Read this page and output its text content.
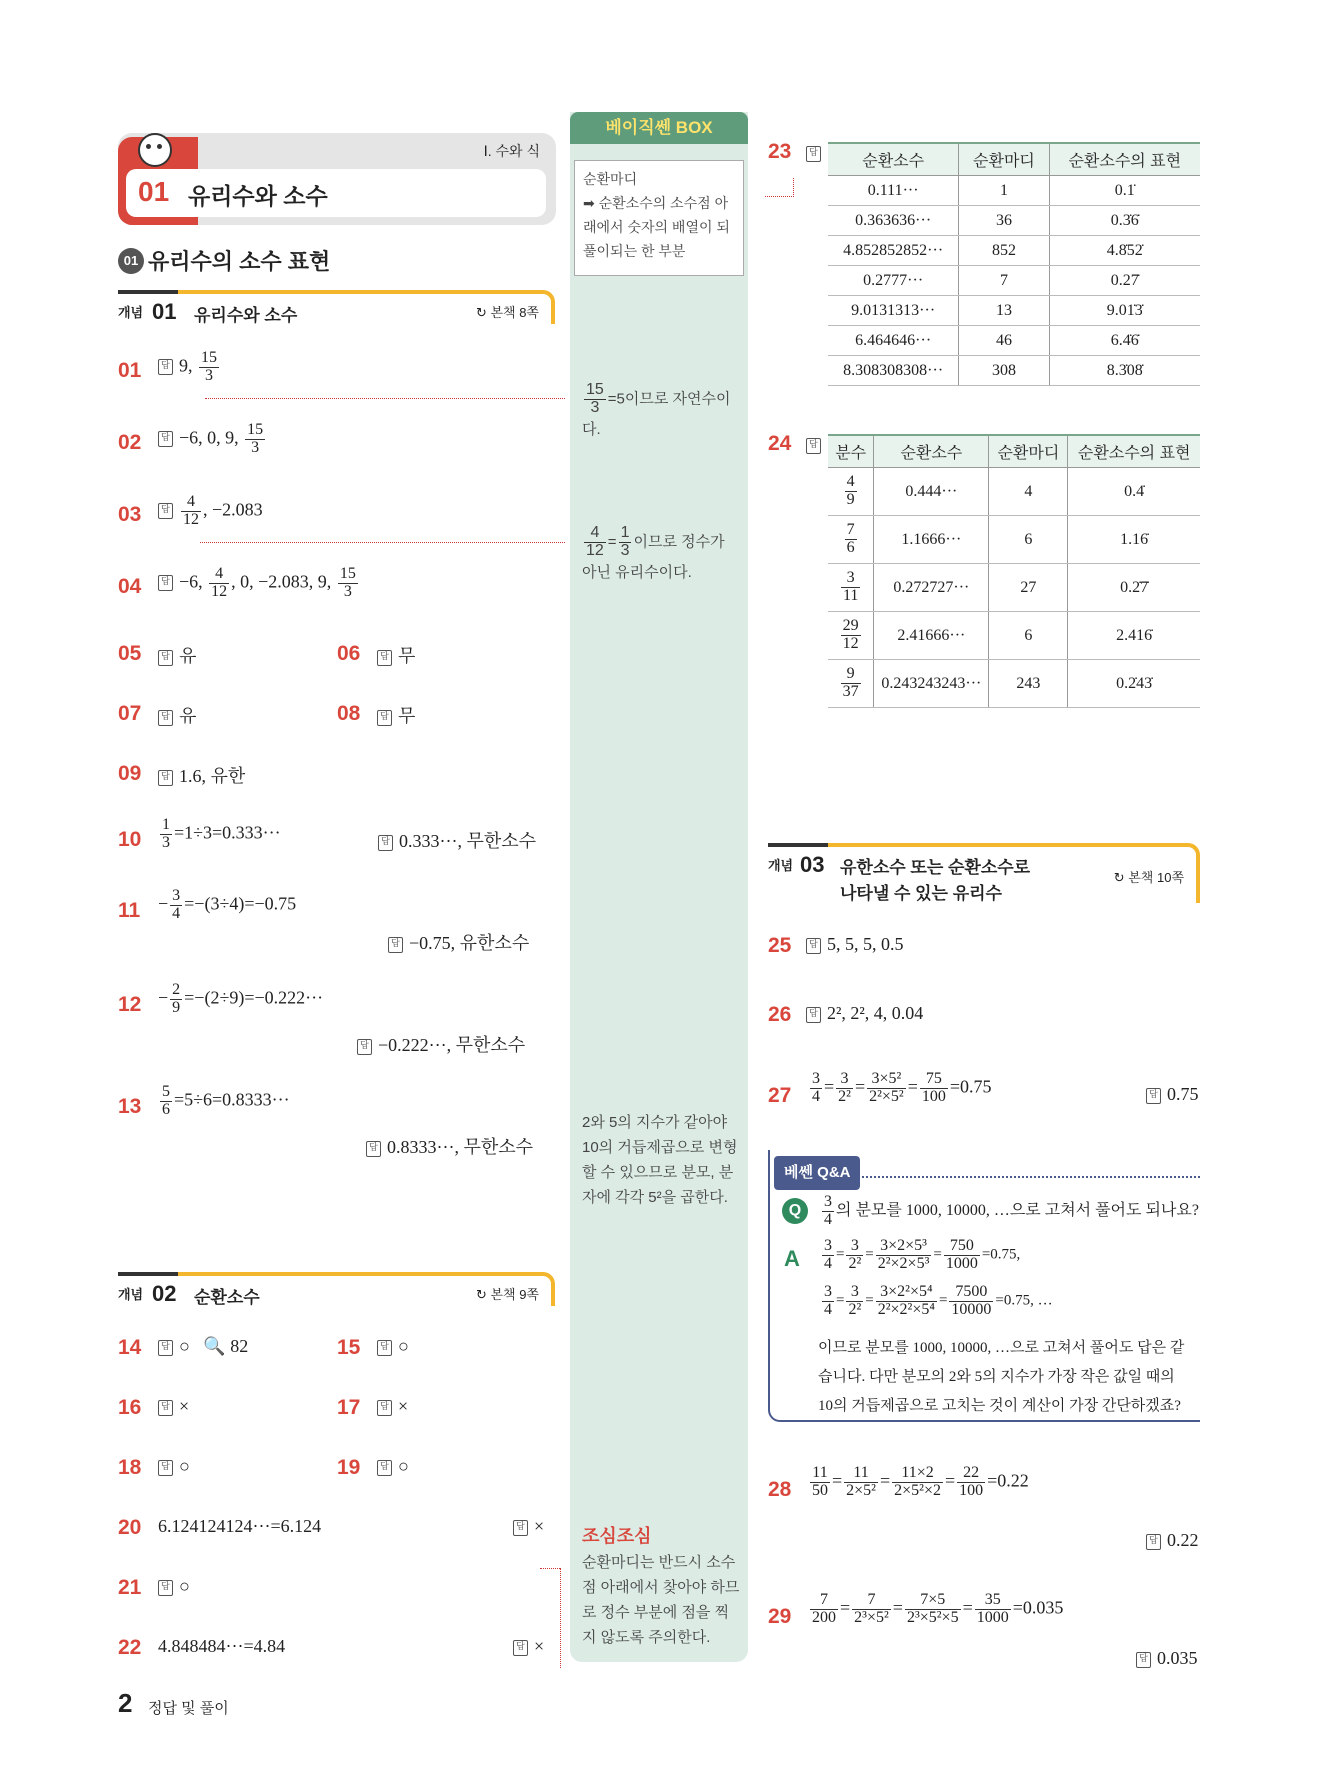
Ⅰ. 수와 식
01 유리수와 소수
01 유리수의 소수 표현
개념 01 유리수와 소수	↻ 본책 8쪽
01	답 9, $\frac{15}{3}$
02	답 −6, 0, 9, $\frac{15}{3}$
03	답 $\frac{4}{12}$ , −2.083
04	답 −6, $\frac{4}{12}$ , 0, −2.083, 9, $\frac{15}{3}$
05	답 유	06	답 무
07	답 유	08	답 무
09	답 1.6, 유한
$10 \frac{1}{3} =1\div 3=0.333\cdot\cdot\cdot$	답 0.333···, 무한소수
$11 - \frac{3}{4} =-(3\div 4)=-0.75$
답 −0.75, 유한소수
$12 - \frac{2}{9} =-(2\div 9)=-0.222\cdot\cdot\cdot$
답 −0.222···, 무한소수
$13 \frac{5}{6} =5\div 6=0.8333\cdot\cdot\cdot$
답 0.8333···, 무한소수
개념 02 순환소수	↻ 본책 9쪽
14	답 ○ 🔍 82	15	답 ○
16	답 ×	17	답 ×
18	답 ○	19	답 ○
20 6.124124124···=6.124	답 ×
21	답 ○
22 4.848484···=4.84	답 ×
2 정답 및 풀이
베이직쎈 BOX
순환마디
➡ 순환소수의 소수점 아래에서 숫자의 배열이 되풀이되는 한 부분
$\frac{15}{3} =5$이므로 자연수이다.
$\frac{4}{12} = \frac{1}{3}$ 이므로 정수가 아닌 유리수이다.
2와 5의 지수가 같아야 10의 거듭제곱으로 변형할 수 있으므로 분모, 분자에 각각 5²을 곱한다.
조심조심
순환마디는 반드시 소수점 아래에서 찾아야 하므로 정수 부분에 점을 찍지 않도록 주의한다.
23	답	순환소수	순환마디	순환소수의 표현
0.111···	1	0.1̇
0.363636···	36	0.3̇6̇
4.852852852···	852	4.8̇52̇
0.2777···	7	0.27̇
9.0131313···	13	9.01̇3̇
6.464646···	46	6.4̇6̇
8.308308308···	308	8.3̇08̇
24	답 분수	순환소수	순환마디	순환소수의 표현

$\frac{4}{9}$	0.444···	4	0.4̇

$\frac{7}{6}$	1.1666···	6	1.16̇

$\frac{3}{11}$	0.272727···	27	0.2̇7̇

$\frac{29}{12}$	2.41666···	6	2.416̇

$\frac{9}{37}$	0.243243243···	243	0.2̇43̇
개념 03 유한소수 또는 순환소수로
나타낼 수 있는 유리수
↻ 본책 10쪽
25	답 5, 5, 5, 0.5
26	답 2², 2², 4, 0.04
$27 \frac{3}{4} = \frac{3}{\text{2²}} = \frac{\text{3×5²}}{\text{2²×5²}} = \frac{75}{100} =0.75$	답 0.75
베쎈 Q&A
Q	$\frac{3}{4}$ 의 분모를 1000, 10000, …으로 고쳐서 풀어도 되나요?
A $\frac{3}{4} = \frac{3}{\text{2²}} = \frac{\text{3×2×5³}}{\text{2²×2×5³}} = \frac{750}{1000} =0.75$,
$\frac{3}{4} = \frac{3}{\text{2²}} = \frac{\text{3×2²×5⁴}}{\text{2²×2²×5⁴}} = \frac{7500}{10000} =0.75$, …
이므로 분모를 1000, 10000, …으로 고쳐서 풀어도 답은 같습니다. 다만 분모의 2와 5의 지수가 가장 작은 값일 때의 10의 거듭제곱으로 고치는 것이 계산이 가장 간단하겠죠?
$28 \frac{11}{50} = \frac{11}{\text{2×5²}} = \frac{11\times 2}{\text{2×5²×2}} = \frac{22}{100} =0.22$
답 0.22
$29 \frac{7}{200} = \frac{7}{\text{2³×5²}} = \frac{7\times 5}{\text{2³×5²×5}} = \frac{35}{1000} =0.035$
답 0.035
